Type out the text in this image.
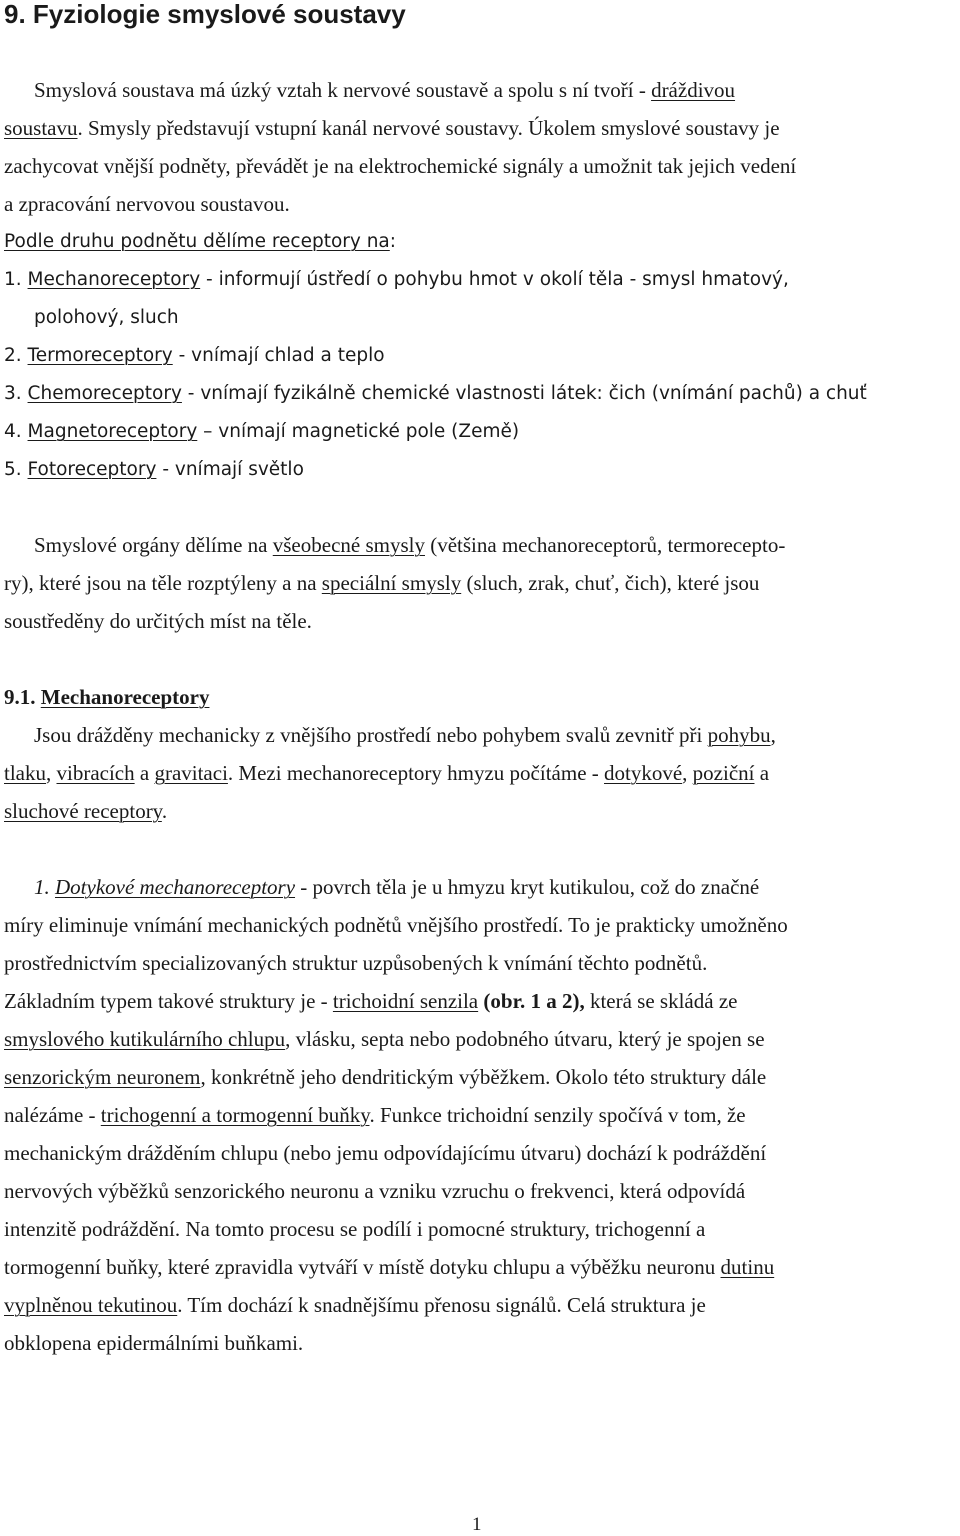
9. Fyziologie smyslové soustavy

Smyslová soustava má úzký vztah k nervové soustavě a spolu s ní tvoří - dráždivou

soustavu. Smysly představují vstupní kanál nervové soustavy. Úkolem smyslové soustavy je

zachycovat vnější podněty, převádět je na elektrochemické signály a umožnit tak jejich vedení

a zpracování nervovou soustavou.

Podle druhu podnětu dělíme receptory na:

1. Mechanoreceptory - informují ústředí o pohybu hmot v okolí těla - smysl hmatový,

polohový, sluch

2. Termoreceptory - vnímají chlad a teplo

3. Chemoreceptory - vnímají fyzikálně chemické vlastnosti látek: čich (vnímání pachů) a chuť

4. Magnetoreceptory – vnímají magnetické pole (Země)

5. Fotoreceptory - vnímají světlo

Smyslové orgány dělíme na všeobecné smysly (většina mechanoreceptorů, termorecepto-

ry), které jsou na těle rozptýleny a na speciální smysly (sluch, zrak, chuť, čich), které jsou

soustředěny do určitých míst na těle.

9.1. Mechanoreceptory

Jsou drážděny mechanicky z vnějšího prostředí nebo pohybem svalů zevnitř při pohybu,

tlaku, vibracích a gravitaci. Mezi mechanoreceptory hmyzu počítáme - dotykové, poziční a

sluchové receptory.

1. Dotykové mechanoreceptory - povrch těla je u hmyzu kryt kutikulou, což do značné

míry eliminuje vnímání mechanických podnětů vnějšího prostředí. To je prakticky umožněno

prostřednictvím specializovaných struktur uzpůsobených k vnímání těchto podnětů.

Základním typem takové struktury je - trichoidní senzila (obr. 1 a 2), která se skládá ze

smyslového kutikulárního chlupu, vlásku, septa nebo podobného útvaru, který je spojen se

senzorickým neuronem, konkrétně jeho dendritickým výběžkem. Okolo této struktury dále

nalézáme - trichogenní a tormogenní buňky. Funkce trichoidní senzily spočívá v tom, že

mechanickým drážděním chlupu (nebo jemu odpovídajícímu útvaru) dochází k podráždění

nervových výběžků senzorického neuronu a vzniku vzruchu o frekvenci, která odpovídá

intenzitě podráždění. Na tomto procesu se podílí i pomocné struktury, trichogenní a

tormogenní buňky, které zpravidla vytváří v místě dotyku chlupu a výběžku neuronu dutinu

vyplněnou tekutinou. Tím dochází k snadnějšímu přenosu signálů. Celá struktura je

obklopena epidermálními buňkami.

1
